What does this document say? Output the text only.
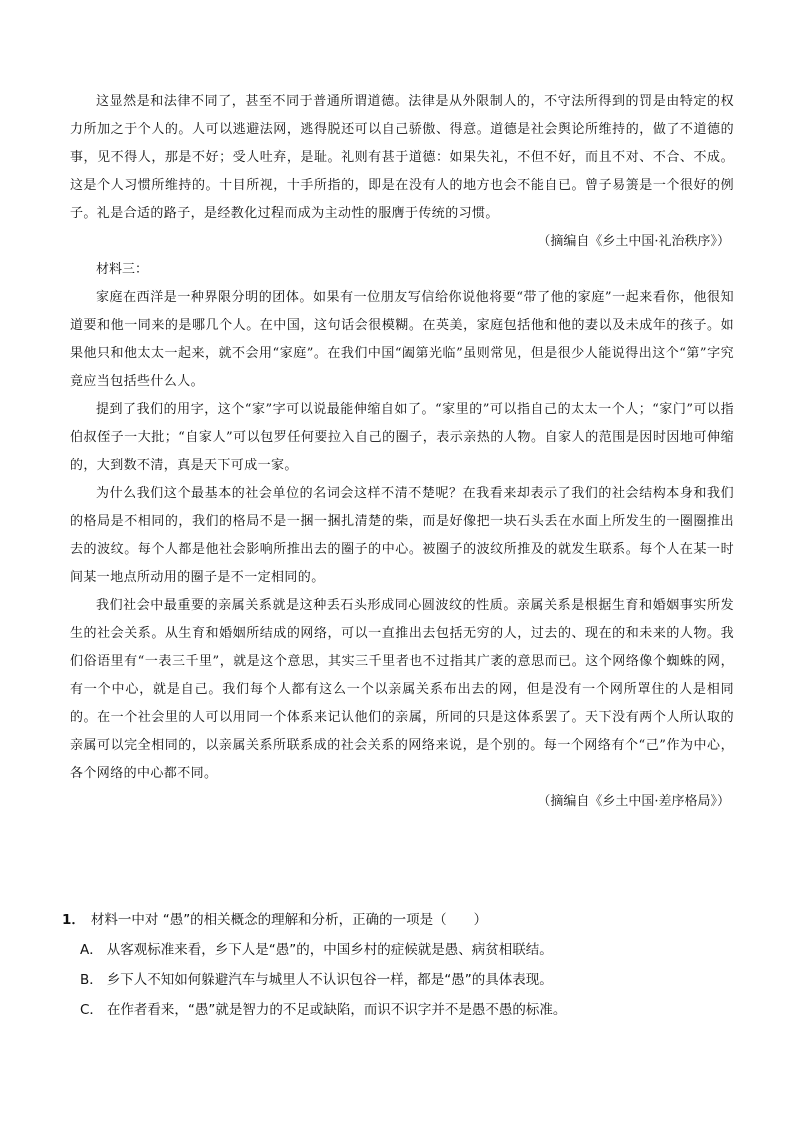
这显然是和法律不同了，甚至不同于普通所谓道德。法律是从外限制人的，不守法所得到的罚是由特定的权力所加之于个人的。人可以逃避法网，逃得脱还可以自己骄傲、得意。道德是社会舆论所维持的，做了不道德的事，见不得人，那是不好；受人吐弃，是耻。礼则有甚于道德：如果失礼，不但不好，而且不对、不合、不成。这是个人习惯所维持的。十目所视，十手所指的，即是在没有人的地方也会不能自已。曾子易箦是一个很好的例子。礼是合适的路子，是经教化过程而成为主动性的服膺于传统的习惯。

（摘编自《乡土中国·礼治秩序》）

材料三：

家庭在西洋是一种界限分明的团体。如果有一位朋友写信给你说他将要“带了他的家庭”一起来看你，他很知道要和他一同来的是哪几个人。在中国，这句话会很模糊。在英美，家庭包括他和他的妻以及未成年的孩子。如果他只和他太太一起来，就不会用“家庭”。在我们中国“阖第光临”虽则常见，但是很少人能说得出这个“第”字究竟应当包括些什么人。

提到了我们的用字，这个“家”字可以说最能伸缩自如了。“家里的”可以指自己的太太一个人；“家门”可以指伯叔侄子一大批；“自家人”可以包罗任何要拉入自己的圈子，表示亲热的人物。自家人的范围是因时因地可伸缩的，大到数不清，真是天下可成一家。

为什么我们这个最基本的社会单位的名词会这样不清不楚呢？在我看来却表示了我们的社会结构本身和我们的格局是不相同的，我们的格局不是一捆一捆扎清楚的柴，而是好像把一块石头丢在水面上所发生的一圈圈推出去的波纹。每个人都是他社会影响所推出去的圈子的中心。被圈子的波纹所推及的就发生联系。每个人在某一时间某一地点所动用的圈子是不一定相同的。

我们社会中最重要的亲属关系就是这种丢石头形成同心圆波纹的性质。亲属关系是根据生育和婚姻事实所发生的社会关系。从生育和婚姻所结成的网络，可以一直推出去包括无穷的人，过去的、现在的和未来的人物。我们俗语里有“一表三千里”，就是这个意思，其实三千里者也不过指其广袤的意思而已。这个网络像个蜘蛛的网，有一个中心，就是自己。我们每个人都有这么一个以亲属关系布出去的网，但是没有一个网所罩住的人是相同的。在一个社会里的人可以用同一个体系来记认他们的亲属，所同的只是这体系罢了。天下没有两个人所认取的亲属可以完全相同的，以亲属关系所联系成的社会关系的网络来说，是个别的。每一个网络有个“己”作为中心，各个网络的中心都不同。

（摘编自《乡土中国·差序格局》）

1． 材料一中对 “愚”的相关概念的理解和分析，正确的一项是（　　）

A． 从客观标准来看，乡下人是“愚”的，中国乡村的症候就是愚、病贫相联结。

B． 乡下人不知如何躲避汽车与城里人不认识包谷一样，都是“愚”的具体表现。

C． 在作者看来，“愚”就是智力的不足或缺陷，而识不识字并不是愚不愚的标准。
